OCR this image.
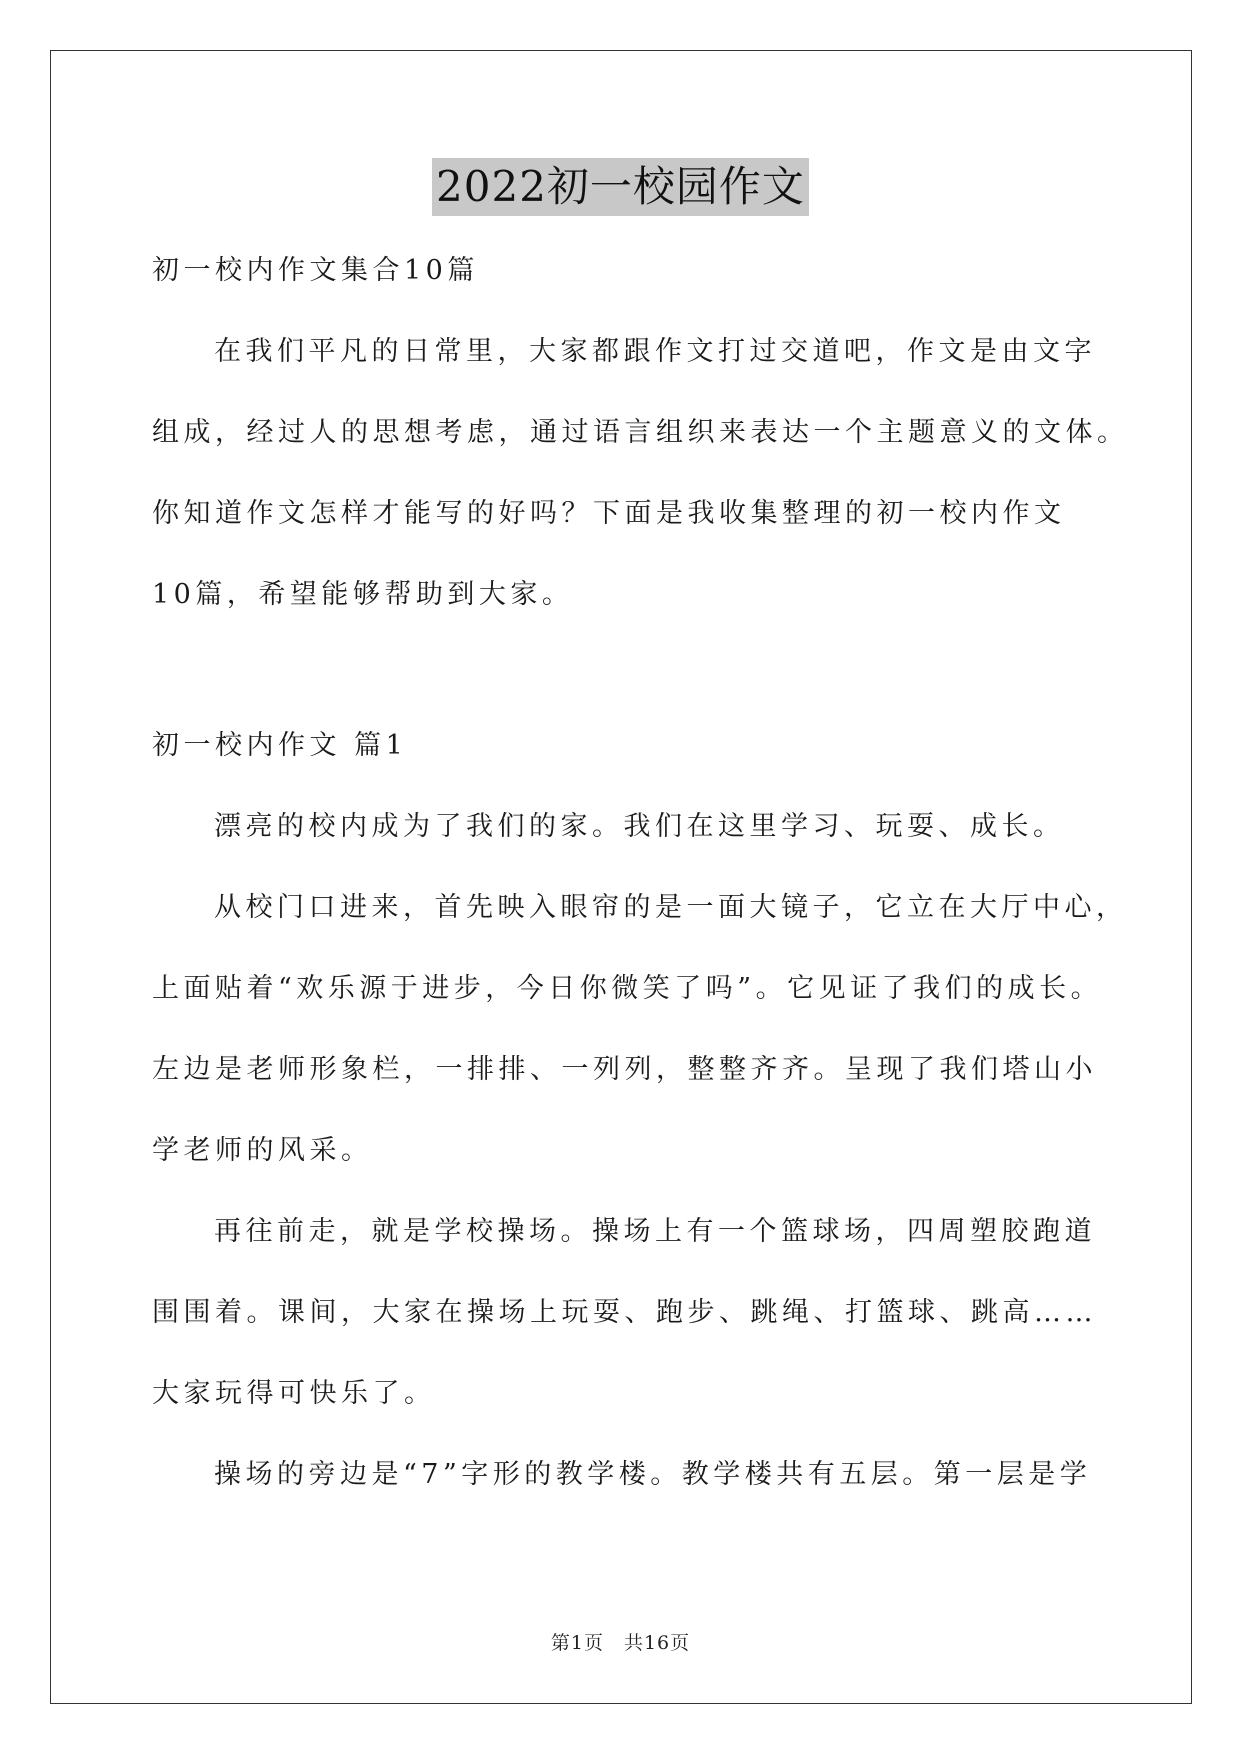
2022初一校园作文
初一校内作文集合10篇
在我们平凡的日常里，大家都跟作文打过交道吧，作文是由文字
组成，经过人的思想考虑，通过语言组织来表达一个主题意义的文体。
你知道作文怎样才能写的好吗？下面是我收集整理的初一校内作文
10篇，希望能够帮助到大家。
初一校内作文 篇1
漂亮的校内成为了我们的家。我们在这里学习、玩耍、成长。
从校门口进来，首先映入眼帘的是一面大镜子，它立在大厅中心，
上面贴着“欢乐源于进步，今日你微笑了吗”。它见证了我们的成长。
左边是老师形象栏，一排排、一列列，整整齐齐。呈现了我们塔山小
学老师的风采。
再往前走，就是学校操场。操场上有一个篮球场，四周塑胶跑道
围围着。课间，大家在操场上玩耍、跑步、跳绳、打篮球、跳高……
大家玩得可快乐了。
操场的旁边是“7”字形的教学楼。教学楼共有五层。第一层是学
第1页　共16页
